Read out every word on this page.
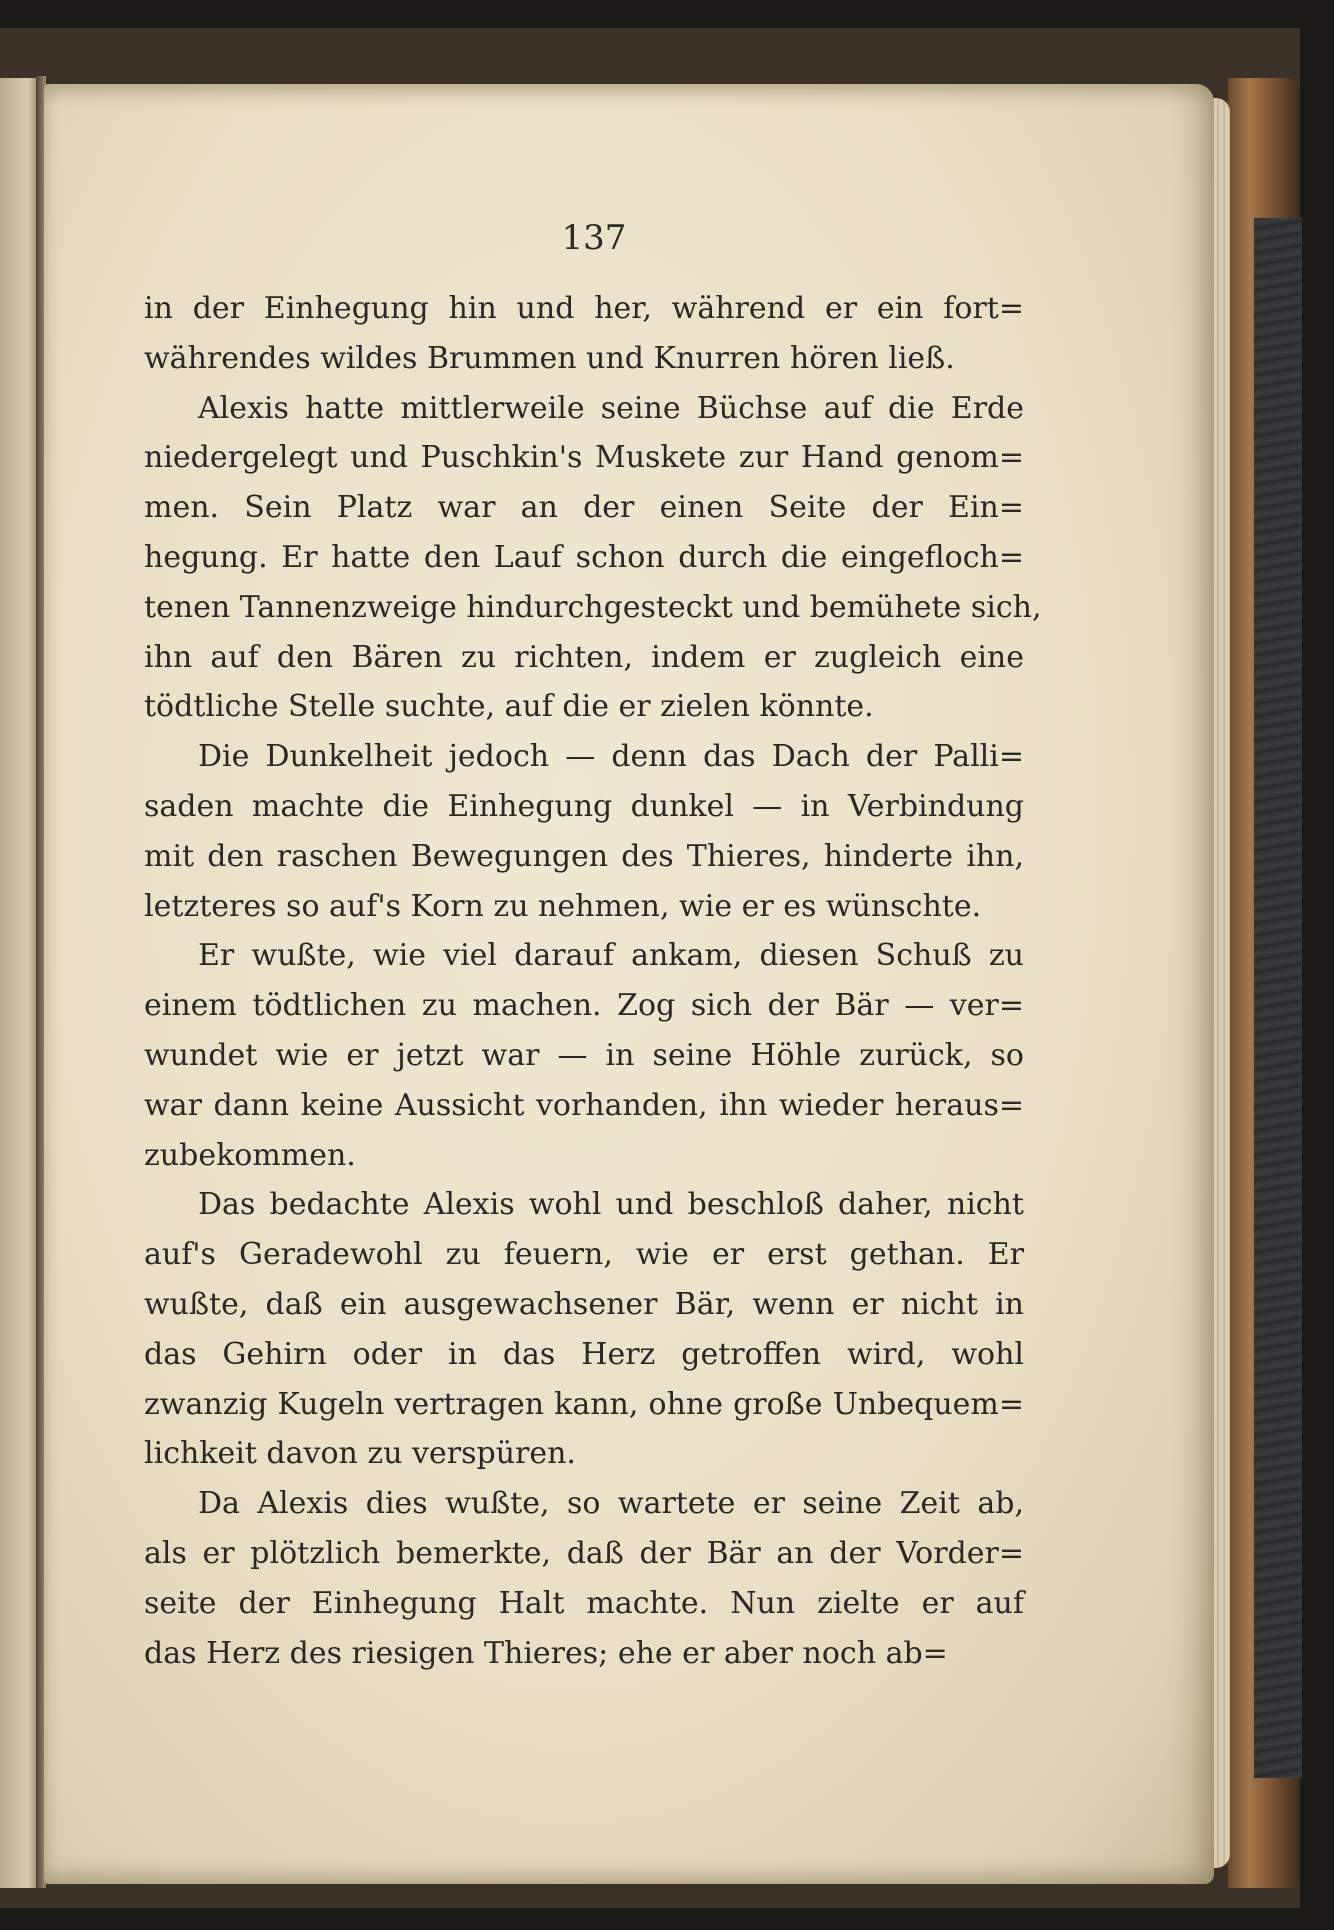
137
in der Einhegung hin und her, während er ein fort=
währendes wildes Brummen und Knurren hören ließ.
Alexis hatte mittlerweile seine Büchse auf die Erde
niedergelegt und Puschkin's Muskete zur Hand genom=
men. Sein Platz war an der einen Seite der Ein=
hegung. Er hatte den Lauf schon durch die eingefloch=
tenen Tannenzweige hindurchgesteckt und bemühete sich,
ihn auf den Bären zu richten, indem er zugleich eine
tödtliche Stelle suchte, auf die er zielen könnte.
Die Dunkelheit jedoch — denn das Dach der Palli=
saden machte die Einhegung dunkel — in Verbindung
mit den raschen Bewegungen des Thieres, hinderte ihn,
letzteres so auf's Korn zu nehmen, wie er es wünschte.
Er wußte, wie viel darauf ankam, diesen Schuß zu
einem tödtlichen zu machen. Zog sich der Bär — ver=
wundet wie er jetzt war — in seine Höhle zurück, so
war dann keine Aussicht vorhanden, ihn wieder heraus=
zubekommen.
Das bedachte Alexis wohl und beschloß daher, nicht
auf's Geradewohl zu feuern, wie er erst gethan. Er
wußte, daß ein ausgewachsener Bär, wenn er nicht in
das Gehirn oder in das Herz getroffen wird, wohl
zwanzig Kugeln vertragen kann, ohne große Unbequem=
lichkeit davon zu verspüren.
Da Alexis dies wußte, so wartete er seine Zeit ab,
als er plötzlich bemerkte, daß der Bär an der Vorder=
seite der Einhegung Halt machte. Nun zielte er auf
das Herz des riesigen Thieres; ehe er aber noch ab=
